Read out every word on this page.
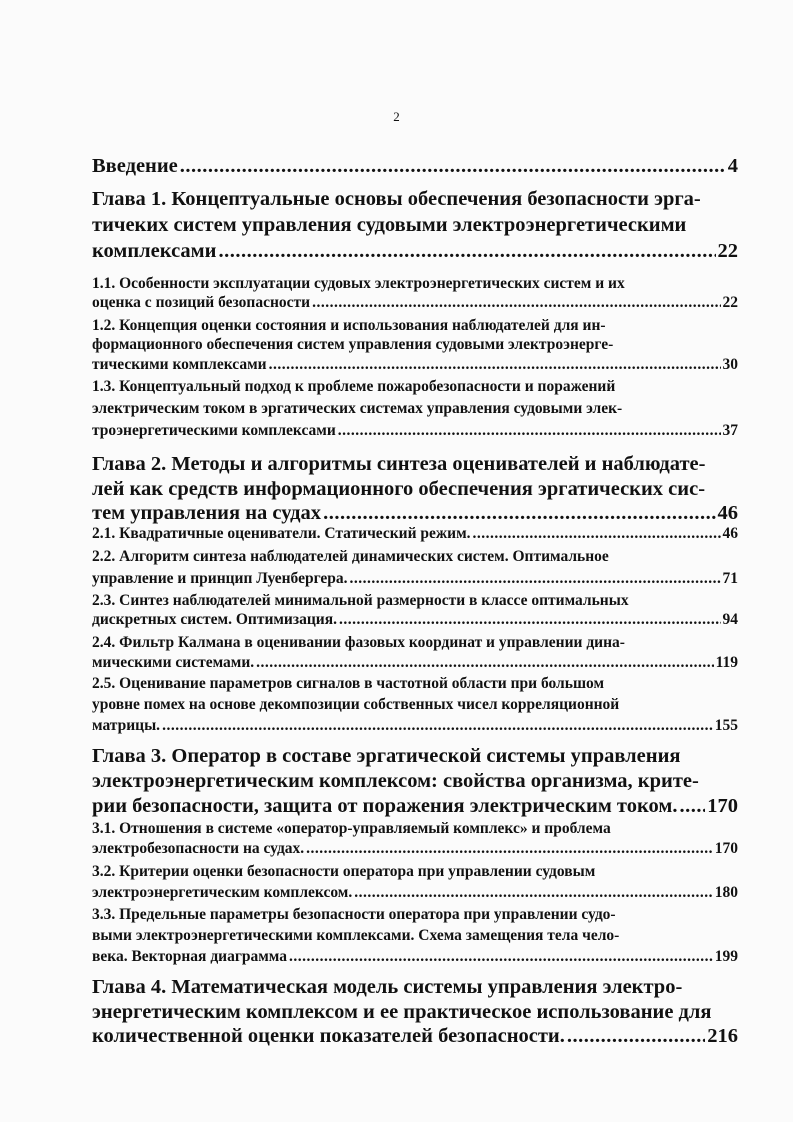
2
Введение .....	4
Глава 1. Концептуальные основы обеспечения безопасности эрга-
тичеких систем управления судовыми электроэнергетическими
комплексами .....	22
1.1. Особенности эксплуатации судовых электроэнергетических систем и их
оценка с позиций безопасности .....	22
1.2. Концепция оценки состояния и использования наблюдателей для ин-
формационного обеспечения систем управления судовыми электроэнерге-
тическими комплексами .....	30
1.3. Концептуальный подход к проблеме пожаробезопасности и поражений
электрическим током в эргатических системах управления судовыми элек-
троэнергетическими комплексами .....	37
Глава 2. Методы и алгоритмы синтеза оценивателей и наблюдате-
лей как средств информационного обеспечения эргатических сис-
тем управления на судах .....	46
2.1. Квадратичные оцениватели. Статический режим. .....	46
2.2. Алгоритм синтеза наблюдателей динамических систем. Оптимальное
управление и принцип Луенбергера. .....	71
2.3. Синтез наблюдателей минимальной размерности в классе оптимальных
дискретных систем. Оптимизация. .....	94
2.4. Фильтр Калмана в оценивании фазовых координат и управлении дина-
мическими системами. .....	119
2.5. Оценивание параметров сигналов в частотной области при большом
уровне помех на основе декомпозиции собственных чисел корреляционной
матрицы. .....	155
Глава 3. Оператор в составе эргатической системы управления
электроэнергетическим комплексом: свойства организма, крите-
рии безопасности, защита от поражения электрическим током. ..... 170
3.1. Отношения в системе «оператор-управляемый комплекс» и проблема
электробезопасности на судах. .....	170
3.2. Критерии оценки безопасности оператора при управлении судовым
электроэнергетическим комплексом. .....	180
3.3. Предельные параметры безопасности оператора при управлении судо-
выми электроэнергетическими комплексами. Схема замещения тела чело-
века. Векторная диаграмма .....	199
Глава 4. Математическая модель системы управления электро-
энергетическим комплексом и ее практическое использование для
количественной оценки показателей безопасности. .....	216
